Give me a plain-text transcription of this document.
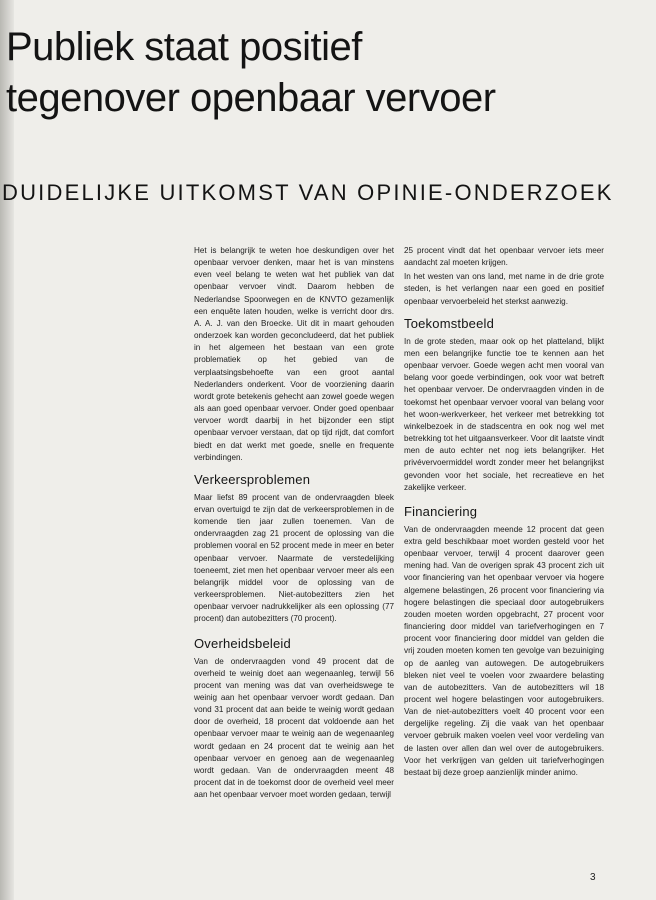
Publiek staat positief
tegenover openbaar vervoer
DUIDELIJKE UITKOMST VAN OPINIE-ONDERZOEK

Het is belangrijk te weten hoe deskundigen over het openbaar vervoer denken, maar het is van minstens even veel belang te weten wat het publiek van dat openbaar vervoer vindt. Daarom hebben de Nederlandse Spoorwegen en de KNVTO gezamenlijk een enquête laten houden, welke is verricht door drs. A. A. J. van den Broecke. Uit dit in maart gehouden onderzoek kan worden geconcludeerd, dat het publiek in het algemeen het bestaan van een grote problematiek op het gebied van de verplaatsingsbehoefte van een groot aantal Nederlanders onderkent. Voor de voorziening daarin wordt grote betekenis gehecht aan zowel goede wegen als aan goed openbaar vervoer. Onder goed openbaar vervoer wordt daarbij in het bijzonder een stipt openbaar vervoer verstaan, dat op tijd rijdt, dat comfort biedt en dat werkt met goede, snelle en frequente verbindingen.

Verkeersproblemen

Maar liefst 89 procent van de ondervraagden bleek ervan overtuigd te zijn dat de verkeersproblemen in de komende tien jaar zullen toenemen. Van de ondervraagden zag 21 procent de oplossing van die problemen vooral en 52 procent mede in meer en beter openbaar vervoer. Naarmate de verstedelijking toeneemt, ziet men het openbaar vervoer meer als een belangrijk middel voor de oplossing van de verkeersproblemen. Niet-autobezitters zien het openbaar vervoer nadrukkelijker als een oplossing (77 procent) dan autobezitters (70 procent).

Overheidsbeleid

Van de ondervraagden vond 49 procent dat de overheid te weinig doet aan wegenaanleg, terwijl 56 procent van mening was dat van overheidswege te weinig aan het openbaar vervoer wordt gedaan. Dan vond 31 procent dat aan beide te weinig wordt gedaan door de overheid, 18 procent dat voldoende aan het openbaar vervoer maar te weinig aan de wegenaanleg wordt gedaan en 24 procent dat te weinig aan het openbaar vervoer en genoeg aan de wegenaanleg wordt gedaan. Van de ondervraagden meent 48 procent dat in de toekomst door de overheid veel meer aan het openbaar vervoer moet worden gedaan, terwijl

25 procent vindt dat het openbaar vervoer iets meer aandacht zal moeten krijgen.

In het westen van ons land, met name in de drie grote steden, is het verlangen naar een goed en positief openbaar vervoerbeleid het sterkst aanwezig.

Toekomstbeeld

In de grote steden, maar ook op het platteland, blijkt men een belangrijke functie toe te kennen aan het openbaar vervoer. Goede wegen acht men vooral van belang voor goede verbindingen, ook voor wat betreft het openbaar vervoer. De ondervraagden vinden in de toekomst het openbaar vervoer vooral van belang voor het woon-werkverkeer, het verkeer met betrekking tot winkelbezoek in de stadscentra en ook nog wel met betrekking tot het uitgaansverkeer. Voor dit laatste vindt men de auto echter net nog iets belangrijker. Het privévervoermiddel wordt zonder meer het belangrijkst gevonden voor het sociale, het recreatieve en het zakelijke verkeer.

Financiering

Van de ondervraagden meende 12 procent dat geen extra geld beschikbaar moet worden gesteld voor het openbaar vervoer, terwijl 4 procent daarover geen mening had. Van de overigen sprak 43 procent zich uit voor financiering van het openbaar vervoer via hogere algemene belastingen, 26 procent voor financiering via hogere belastingen die speciaal door autogebruikers zouden moeten worden opgebracht, 27 procent voor financiering door middel van tariefverhogingen en 7 procent voor financiering door middel van gelden die vrij zouden moeten komen ten gevolge van bezuiniging op de aanleg van autowegen. De autogebruikers bleken niet veel te voelen voor zwaardere belasting van de autobezitters. Van de autobezitters wil 18 procent wel hogere belastingen voor autogebruikers. Van de niet-autobezitters voelt 40 procent voor een dergelijke regeling. Zij die vaak van het openbaar vervoer gebruik maken voelen veel voor verdeling van de lasten over allen dan wel over de autogebruikers. Voor het verkrijgen van gelden uit tariefverhogingen bestaat bij deze groep aanzienlijk minder animo.

3
